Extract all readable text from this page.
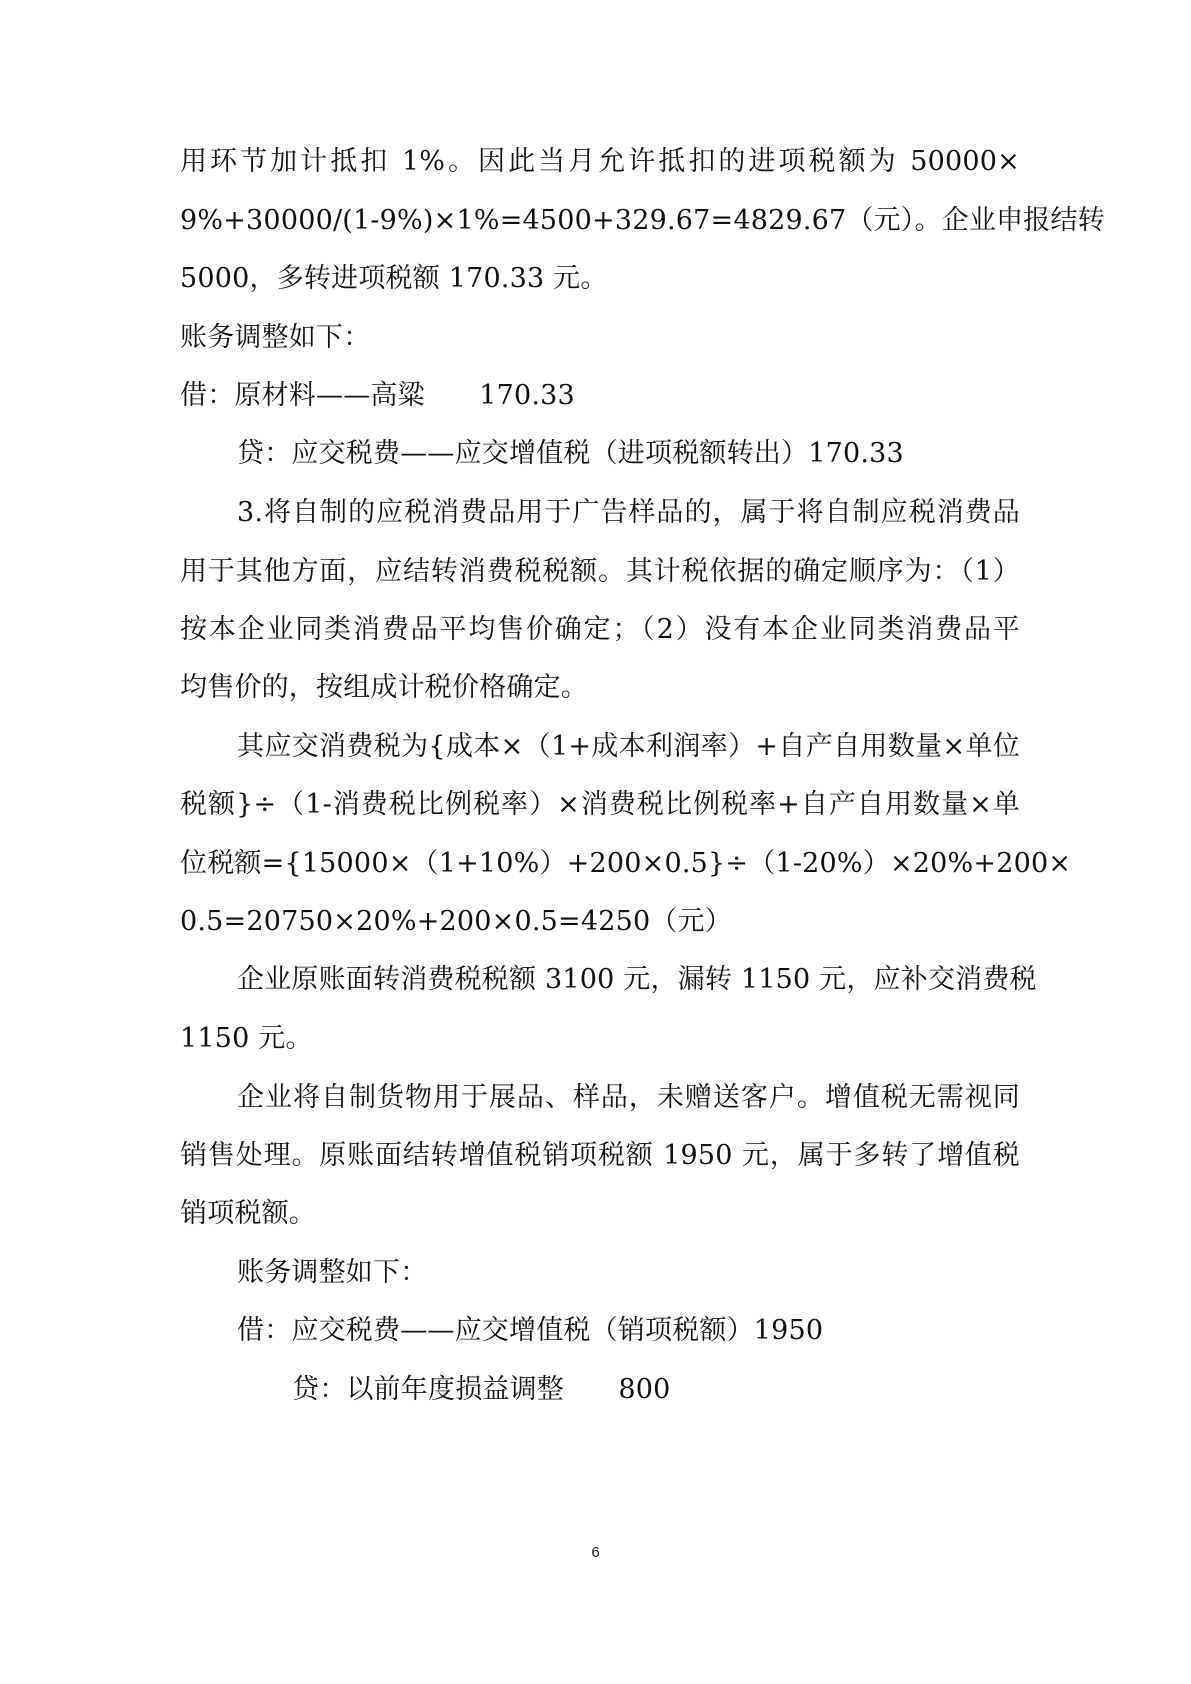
用环节加计抵扣 1%。因此当月允许抵扣的进项税额为 50000×
9%+30000/(1-9%)×1%=4500+329.67=4829.67（元）。企业申报结转
5000，多转进项税额 170.33 元。
账务调整如下：
借：原材料——高粱　　170.33
贷：应交税费——应交增值税（进项税额转出）170.33
3.将自制的应税消费品用于广告样品的，属于将自制应税消费品
用于其他方面，应结转消费税税额。其计税依据的确定顺序为：（1）
按本企业同类消费品平均售价确定；（2）没有本企业同类消费品平
均售价的，按组成计税价格确定。
其应交消费税为{成本×（1+成本利润率）+自产自用数量×单位
税额}÷（1-消费税比例税率）×消费税比例税率+自产自用数量×单
位税额={15000×（1+10%）+200×0.5}÷（1-20%）×20%+200×
0.5=20750×20%+200×0.5=4250（元）
企业原账面转消费税税额 3100 元，漏转 1150 元，应补交消费税
1150 元。
企业将自制货物用于展品、样品，未赠送客户。增值税无需视同
销售处理。原账面结转增值税销项税额 1950 元，属于多转了增值税
销项税额。
账务调整如下：
借：应交税费——应交增值税（销项税额）1950
贷：以前年度损益调整　　800
6
